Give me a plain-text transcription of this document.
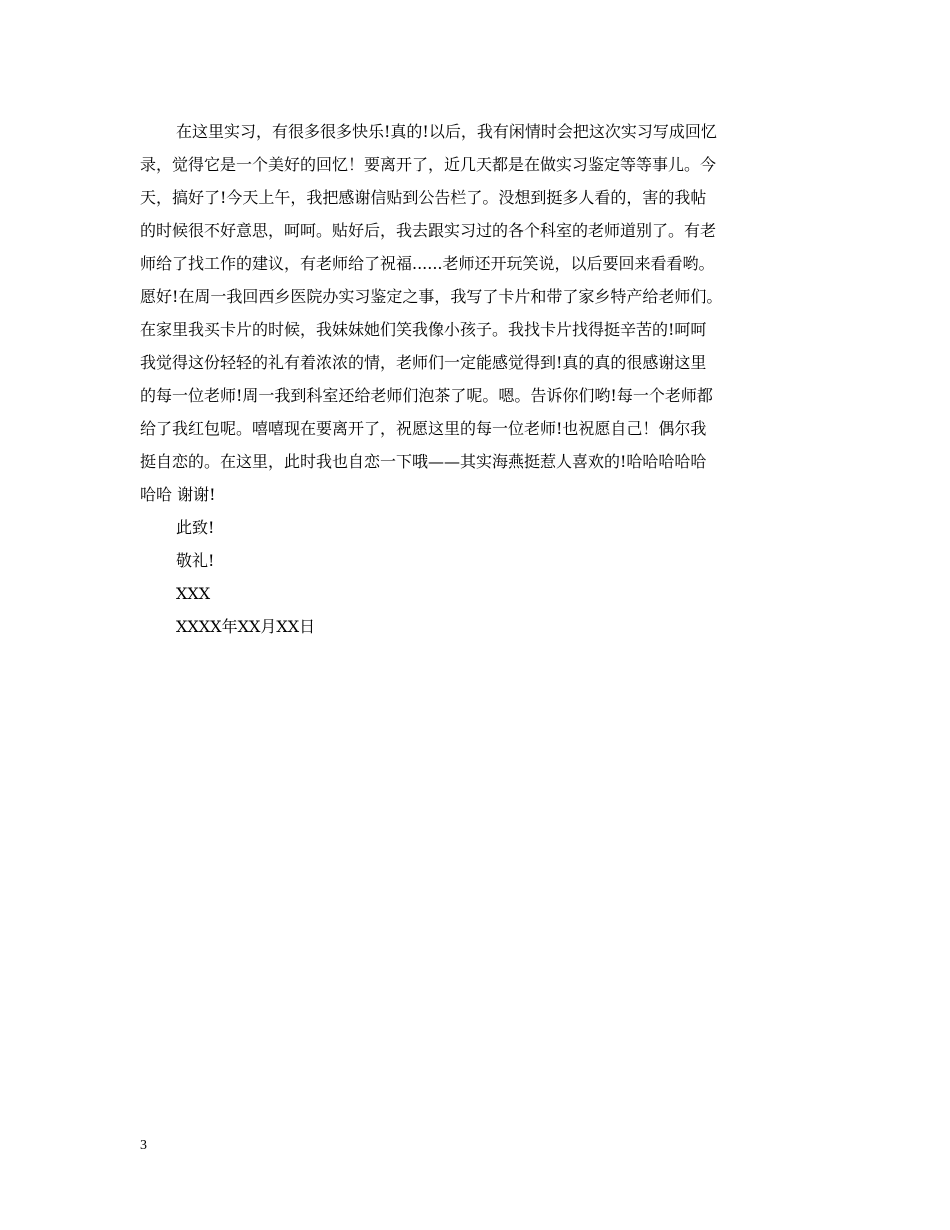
在这里实习，有很多很多快乐!真的!以后，我有闲情时会把这次实习写成回忆
录，觉得它是一个美好的回忆！要离开了，近几天都是在做实习鉴定等等事儿。今
天，搞好了!今天上午，我把感谢信贴到公告栏了。没想到挺多人看的，害的我帖
的时候很不好意思，呵呵。贴好后，我去跟实习过的各个科室的老师道别了。有老
师给了找工作的建议，有老师给了祝福......老师还开玩笑说，以后要回来看看哟。
愿好!在周一我回西乡医院办实习鉴定之事，我写了卡片和带了家乡特产给老师们。
在家里我买卡片的时候，我妹妹她们笑我像小孩子。我找卡片找得挺辛苦的!呵呵
我觉得这份轻轻的礼有着浓浓的情，老师们一定能感觉得到!真的真的很感谢这里
的每一位老师!周一我到科室还给老师们泡茶了呢。嗯。告诉你们哟!每一个老师都
给了我红包呢。嘻嘻现在要离开了，祝愿这里的每一位老师!也祝愿自己！偶尔我
挺自恋的。在这里，此时我也自恋一下哦——其实海燕挺惹人喜欢的!哈哈哈哈哈
哈哈 谢谢!
此致!
敬礼!
XXX
XXXX年XX月XX日
3
